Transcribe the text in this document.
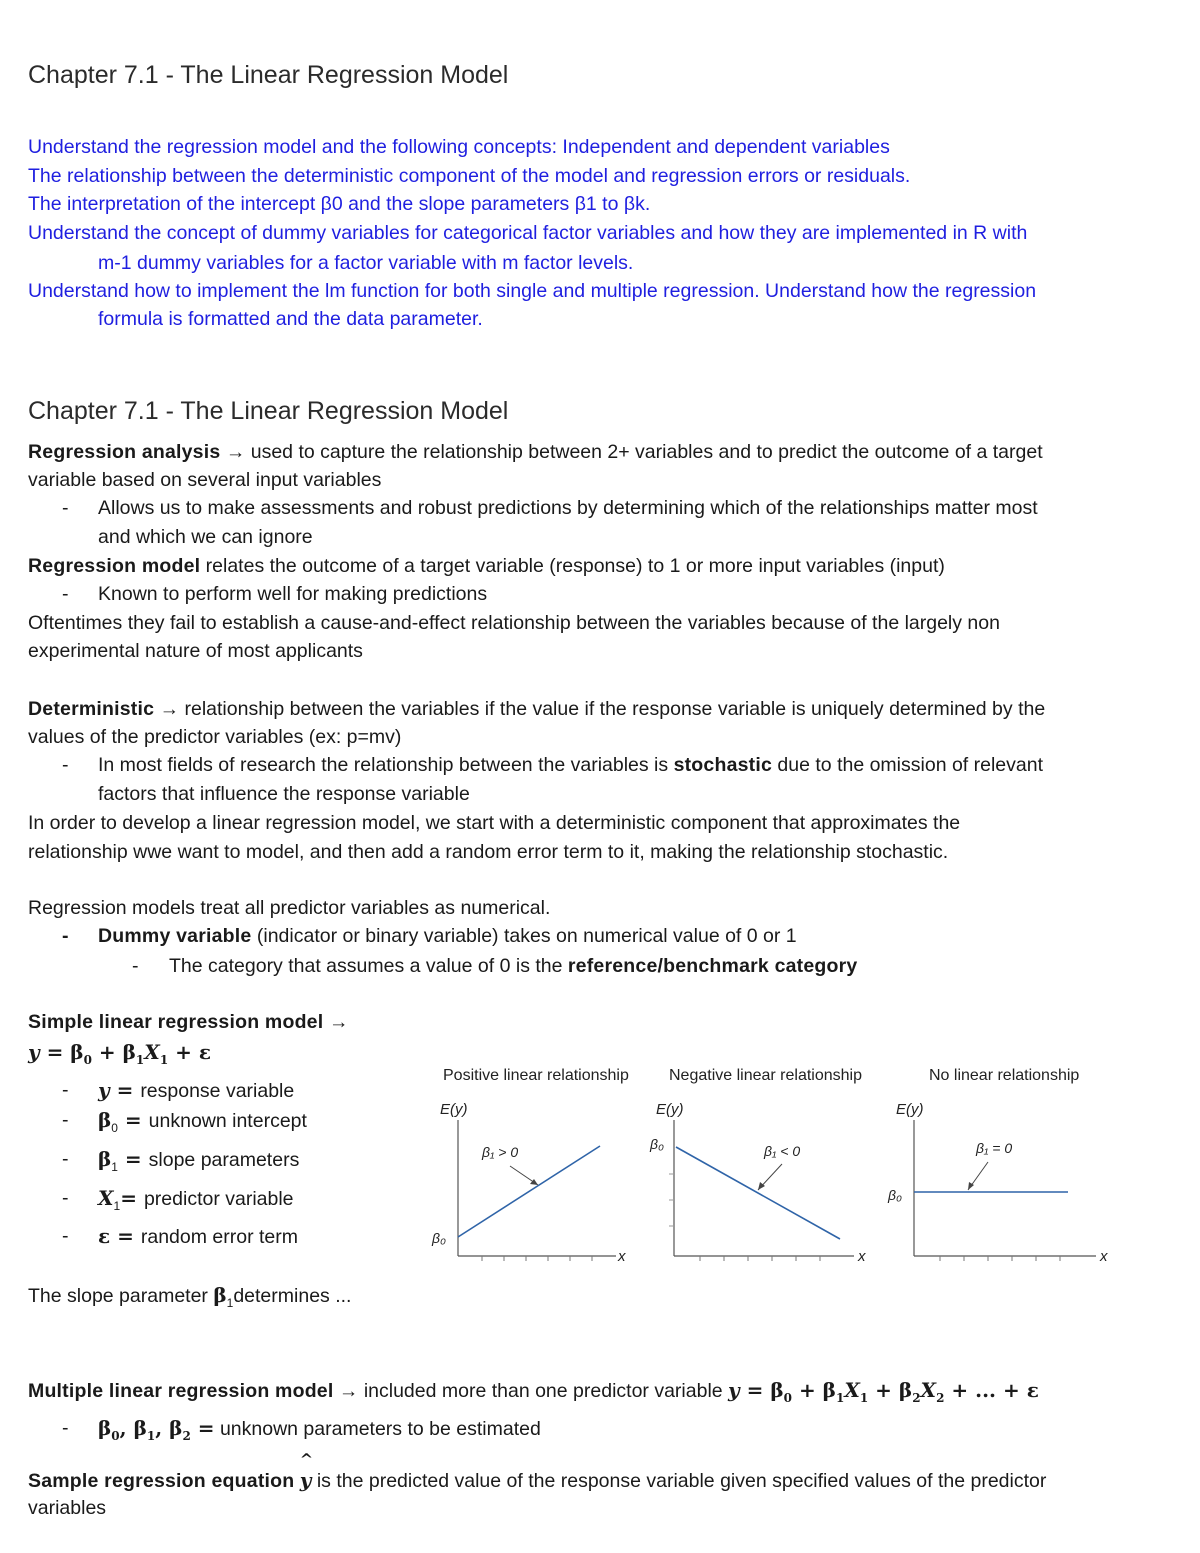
Chapter 7.1 - The Linear Regression Model
Understand the regression model and the following concepts: Independent and dependent variables
The relationship between the deterministic component of the model and regression errors or residuals.
The interpretation of the intercept β0 and the slope parameters β1 to βk.
Understand the concept of dummy variables for categorical factor variables and how they are implemented in R with
m-1 dummy variables for a factor variable with m factor levels.
Understand how to implement the lm function for both single and multiple regression. Understand how the regression
formula is formatted and the data parameter.
Chapter 7.1 - The Linear Regression Model
Regression analysis → used to capture the relationship between 2+ variables and to predict the outcome of a target
variable based on several input variables
- Allows us to make assessments and robust predictions by determining which of the relationships matter most
and which we can ignore
Regression model relates the outcome of a target variable (response) to 1 or more input variables (input)
- Known to perform well for making predictions
Oftentimes they fail to establish a cause-and-effect relationship between the variables because of the largely non
experimental nature of most applicants
Deterministic → relationship between the variables if the value if the response variable is uniquely determined by the
values of the predictor variables (ex: p=mv)
- In most fields of research the relationship between the variables is stochastic due to the omission of relevant
factors that influence the response variable
In order to develop a linear regression model, we start with a deterministic component that approximates the
relationship wwe want to model, and then add a random error term to it, making the relationship stochastic.
Regression models treat all predictor variables as numerical.
- Dummy variable (indicator or binary variable) takes on numerical value of 0 or 1
- The category that assumes a value of 0 is the reference/benchmark category
Simple linear regression model →
$y = \beta_0 + \beta_1X_1 + \varepsilon$
- y = response variable
- $\beta_0$ = unknown intercept
- $\beta_1$ = slope parameters
- $X_1=$ predictor variable
- ε = random error term
The slope parameter $\beta_1determines$ ...
Positive linear relationship	Negative linear relationship	No linear relationship
E(y)
x
β₀
β₁ > 0
E(y)
x
β₀	β₁ < 0
E(y)
x
β₀
β₁ = 0
Multiple linear regression model → included more than one predictor variable $y = \beta_0 + \beta_1X_1 + \beta_2X_2$ + ... + ε
- $\beta_0$, $\beta_1$, $\beta_2$ = unknown parameters to be estimated
Sample regression equation y
^
is the predicted value of the response variable given specified values of the predictor
variables
